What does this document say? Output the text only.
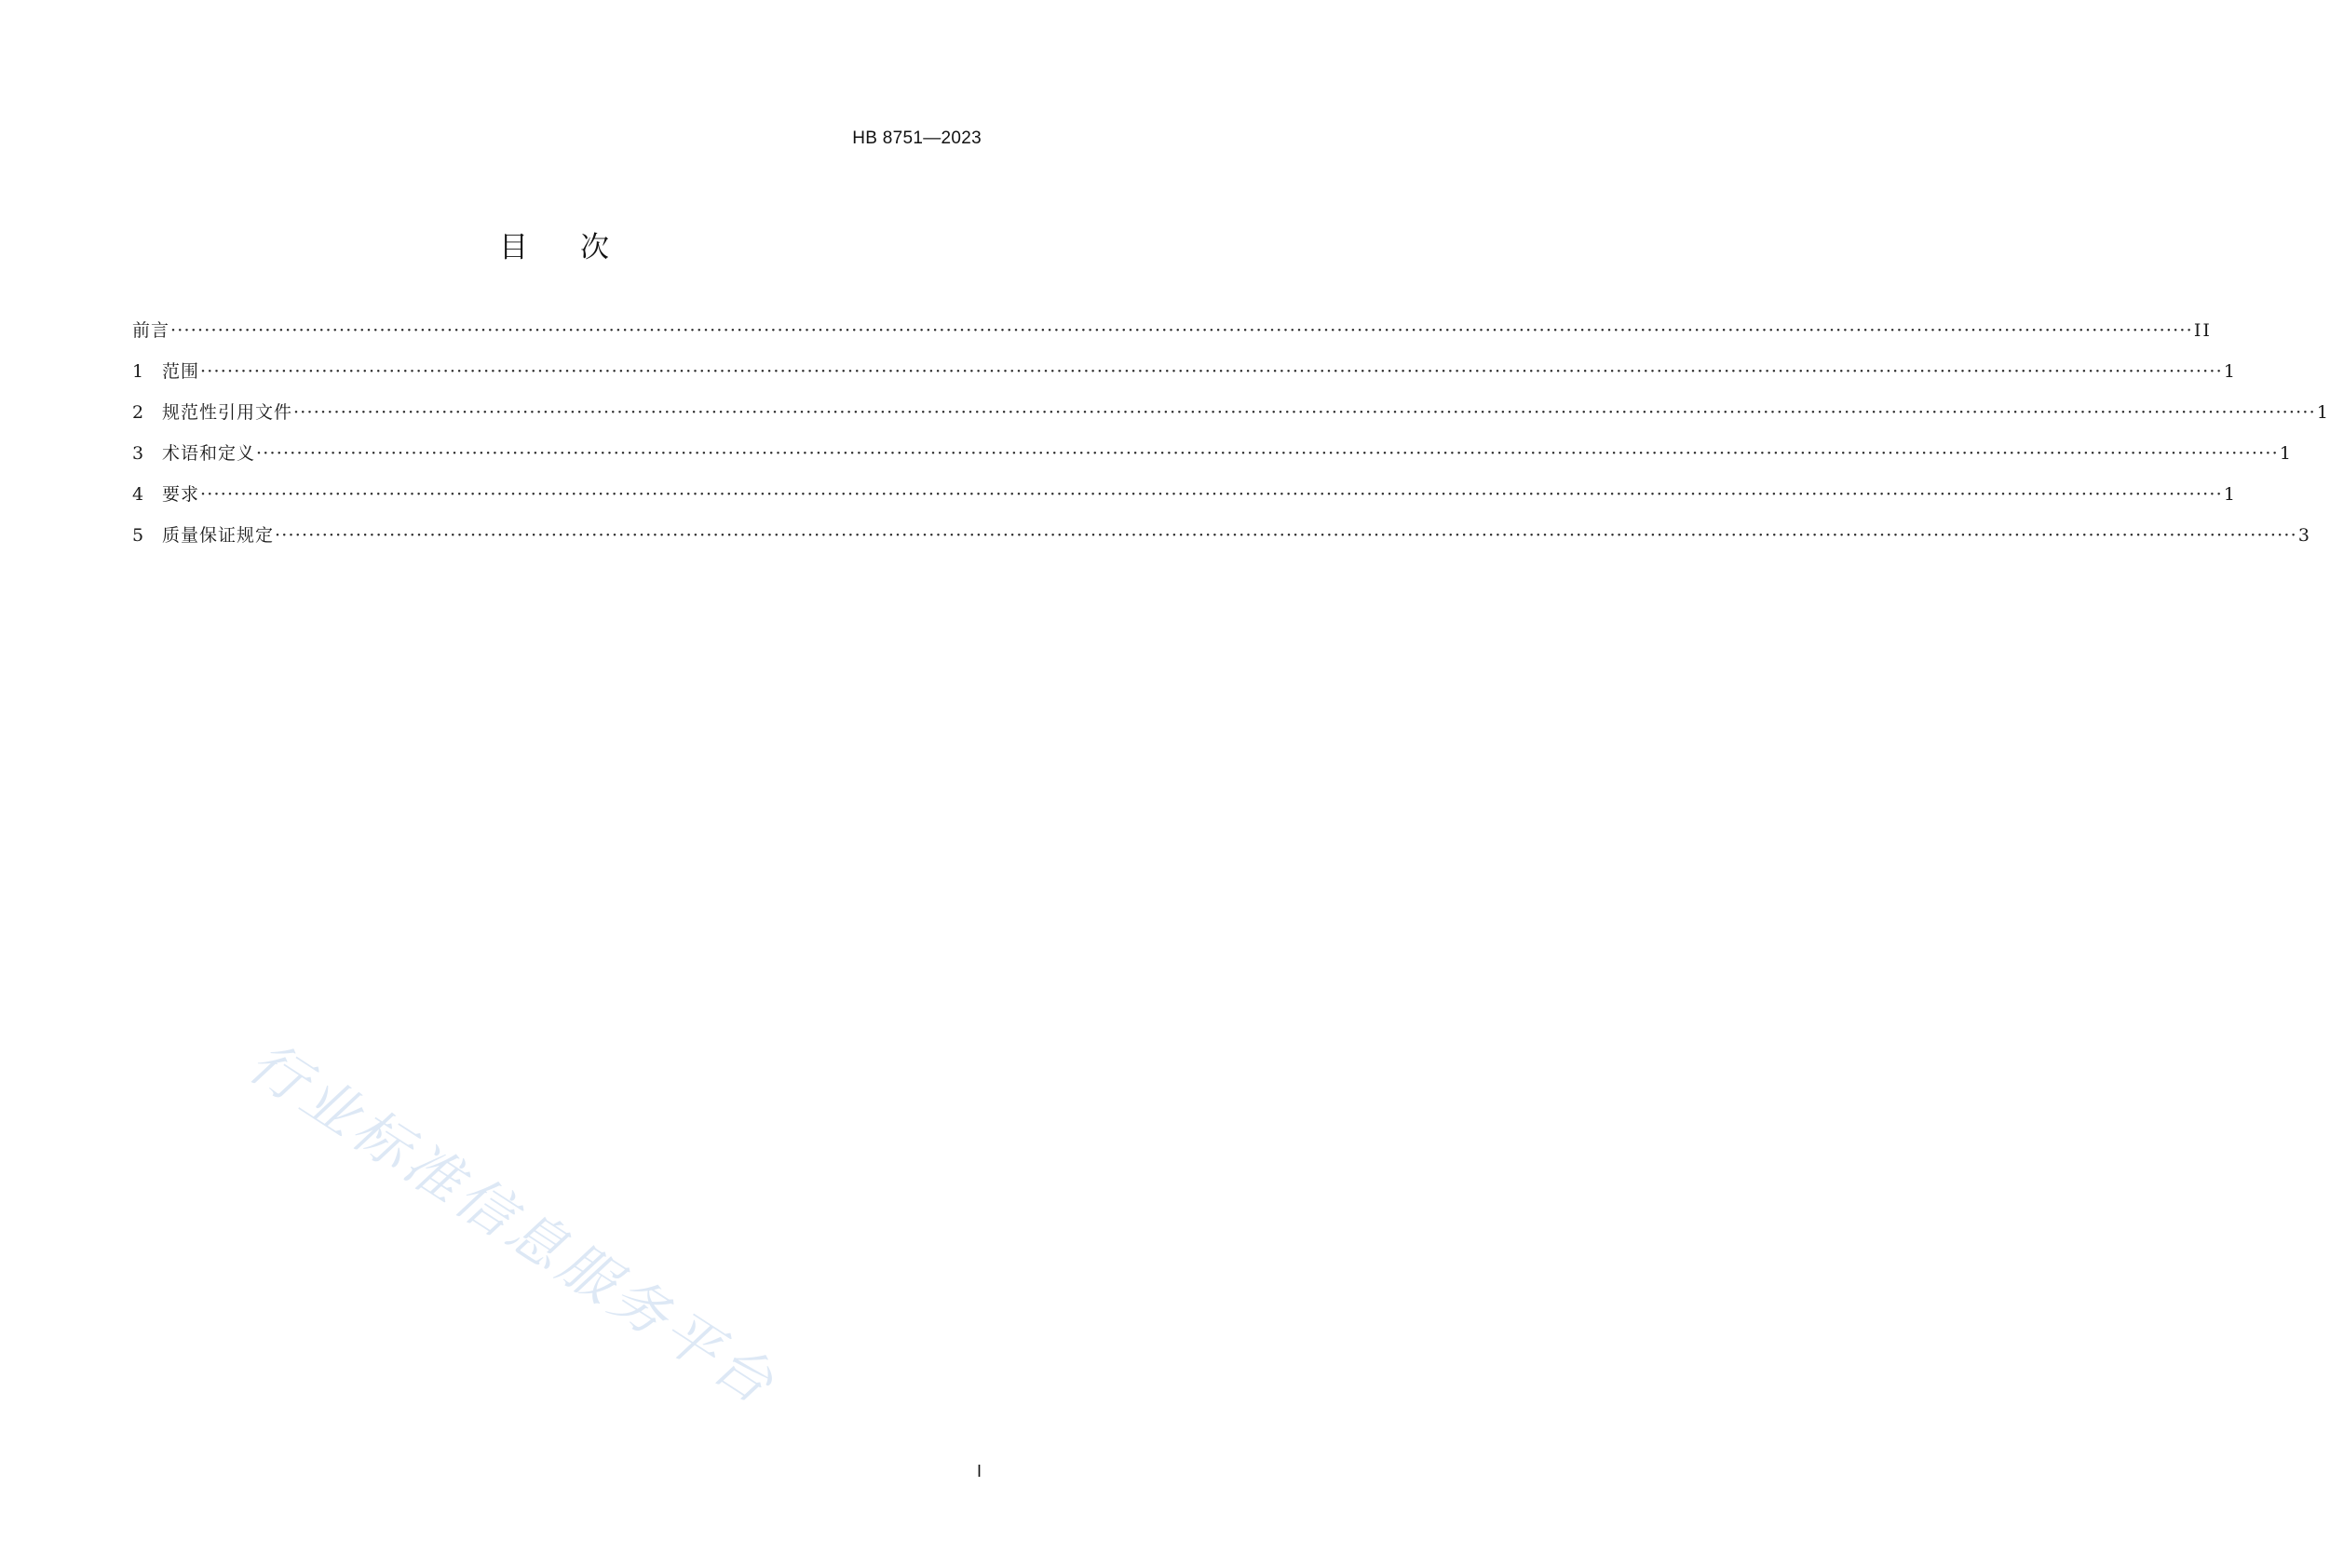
HB 8751—2023
目 次
前言 ············································································································································································································································································································ II
1	范围 ············································································································································································································································································································ 1
2	规范性引用文件 ············································································································································································································································································································ 1
3	术语和定义 ············································································································································································································································································································ 1
4	要求 ············································································································································································································································································································ 1
5	质量保证规定 ············································································································································································································································································································ 3
行业标准信息服务平台
I
